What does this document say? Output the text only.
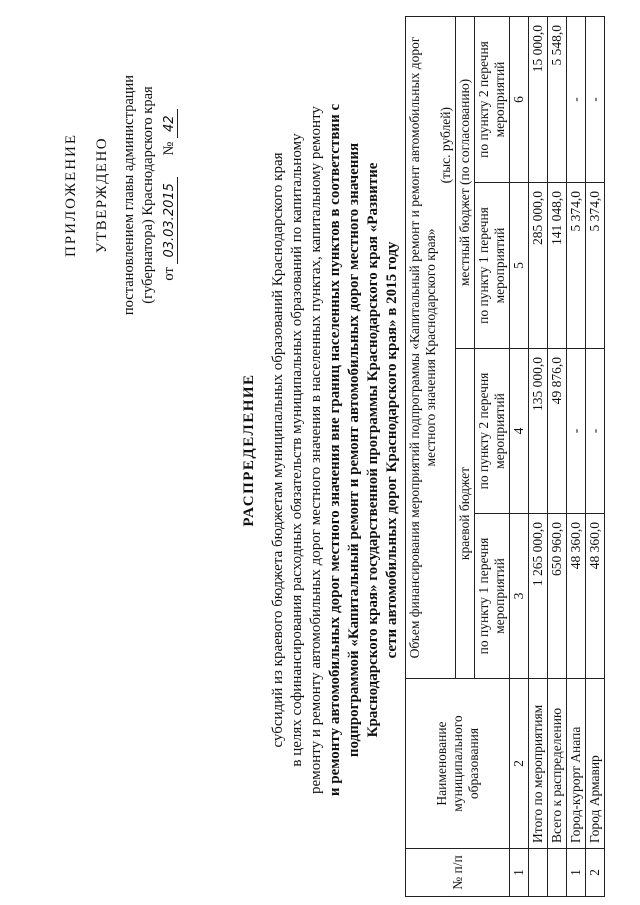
ПРИЛОЖЕНИЕ УТВЕРЖДЕНО постановлением главы администрации (губернатора) Краснодарского края от 03.03.2015 № 42
РАСПРЕДЕЛЕНИЕ субсидий из краевого бюджета бюджетам муниципальных образований Краснодарского края в целях софинансирования расходных обязательств муниципальных образований по капитальному ремонту и ремонту автомобильных дорог местного значения в населенных пунктах, капитальному ремонту и ремонту автомобильных дорог местного значения вне границ населенных пунктов в соответствии с подпрограммой «Капитальный ремонт и ремонт автомобильных дорог местного значения Краснодарского края» государственной программы Краснодарского края «Развитие сети автомобильных дорог Краснодарского края» в 2015 году
№ п/п	Наименование муниципального образования	Объем финансирования мероприятий подпрограммы «Капитальный ремонт и ремонт автомобильных дорог местного значения Краснодарского края»
(тыс. рублей)			

		краевой бюджет		местный бюджет (по согласованию)	
		по пункту 1 перечня мероприятий	по пункту 2 перечня мероприятий	по пункту 1 перечня мероприятий	по пункту 2 перечня мероприятий
1	2	3	4	5	6
	Итого по мероприятиям	1 265 000,0	135 000,0	285 000,0	15 000,0
	Всего к распределению	650 960,0	49 876,0	141 048,0	5 548,0
1	Город-курорт Анапа	48 360,0	-	5 374,0	-
2	Город Армавир	48 360,0	-	5 374,0	-
